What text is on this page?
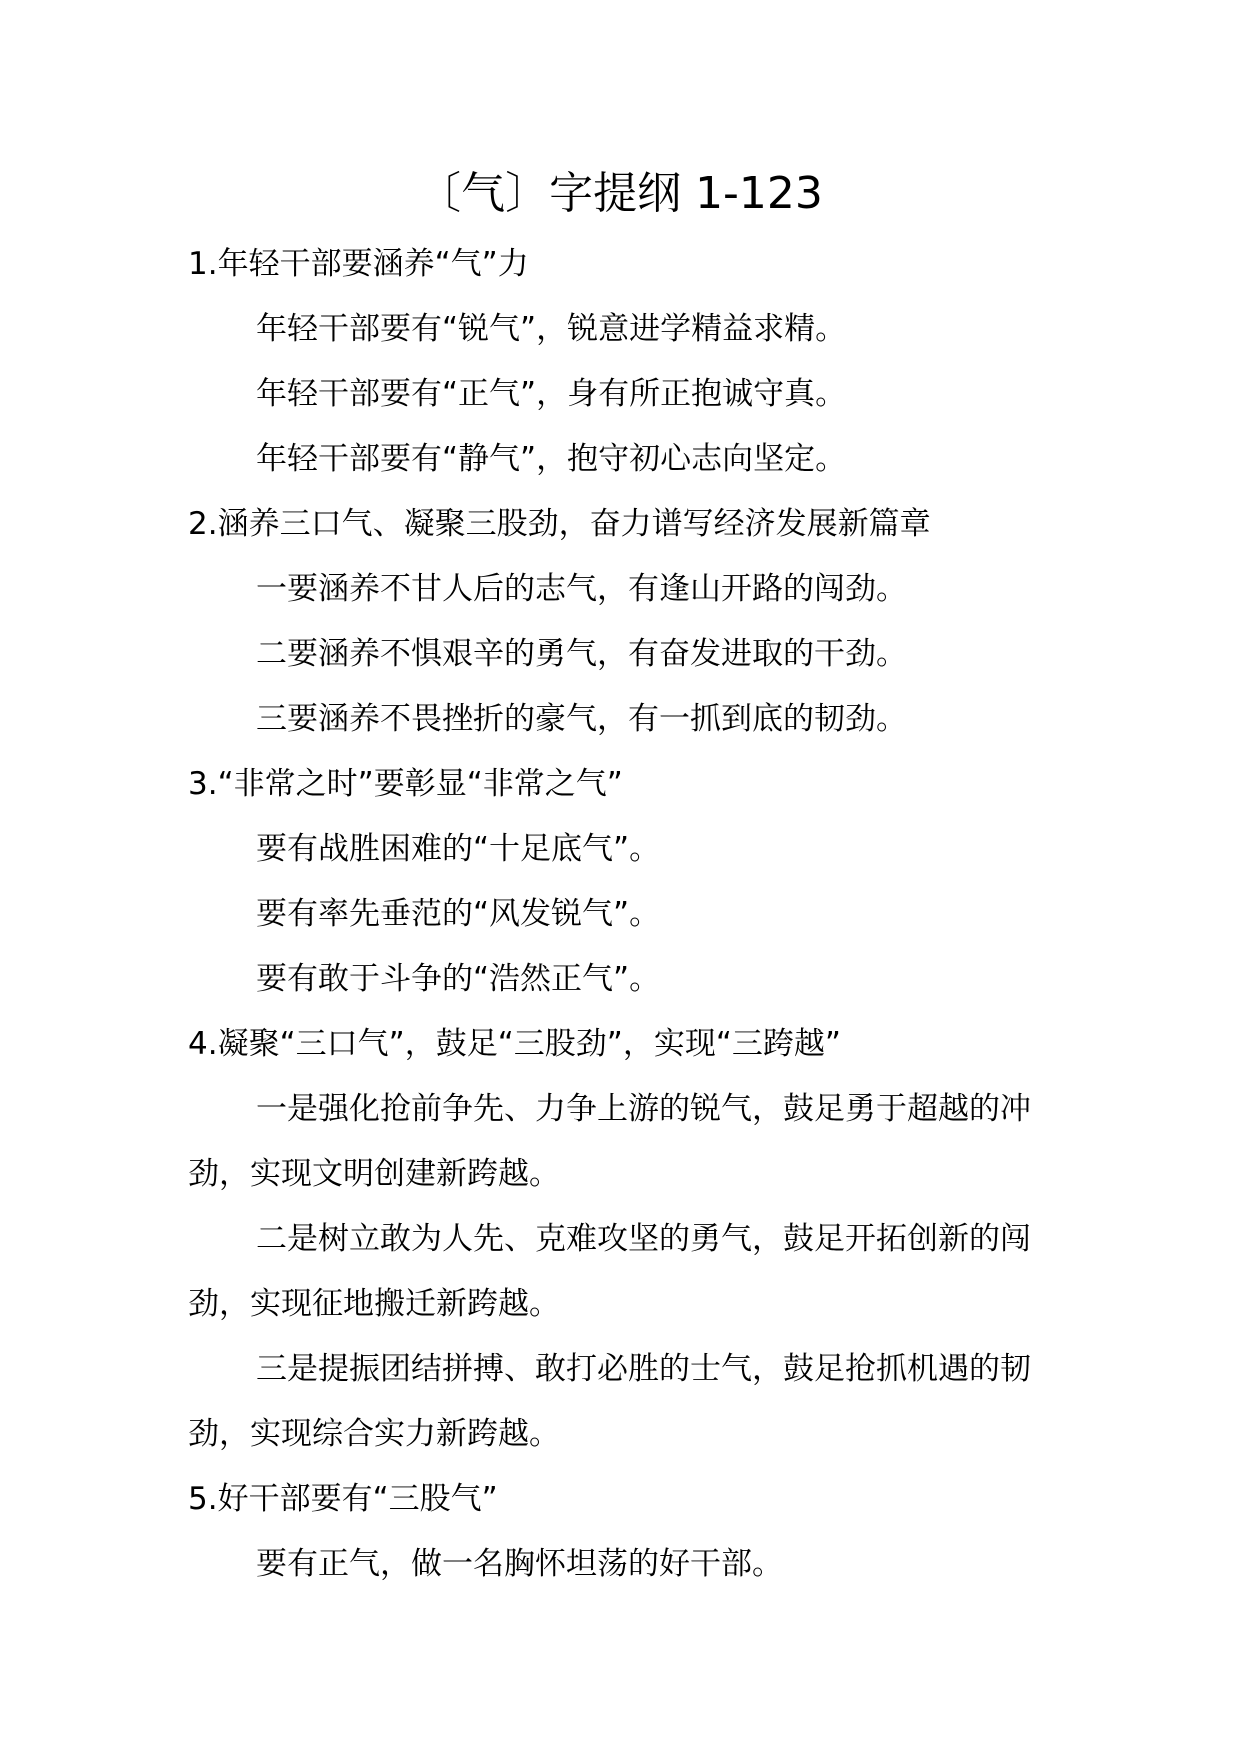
〔气〕字提纲 1-123

1.年轻干部要涵养“气”力

年轻干部要有“锐气”，锐意进学精益求精。

年轻干部要有“正气”，身有所正抱诚守真。

年轻干部要有“静气”，抱守初心志向坚定。

2.涵养三口气、凝聚三股劲，奋力谱写经济发展新篇章

一要涵养不甘人后的志气，有逢山开路的闯劲。

二要涵养不惧艰辛的勇气，有奋发进取的干劲。

三要涵养不畏挫折的豪气，有一抓到底的韧劲。

3.“非常之时”要彰显“非常之气”

要有战胜困难的“十足底气”。

要有率先垂范的“风发锐气”。

要有敢于斗争的“浩然正气”。

4.凝聚“三口气”，鼓足“三股劲”，实现“三跨越”

一是强化抢前争先、力争上游的锐气，鼓足勇于超越的冲劲，实现文明创建新跨越。

二是树立敢为人先、克难攻坚的勇气，鼓足开拓创新的闯劲，实现征地搬迁新跨越。

三是提振团结拼搏、敢打必胜的士气，鼓足抢抓机遇的韧劲，实现综合实力新跨越。

5.好干部要有“三股气”

要有正气，做一名胸怀坦荡的好干部。
